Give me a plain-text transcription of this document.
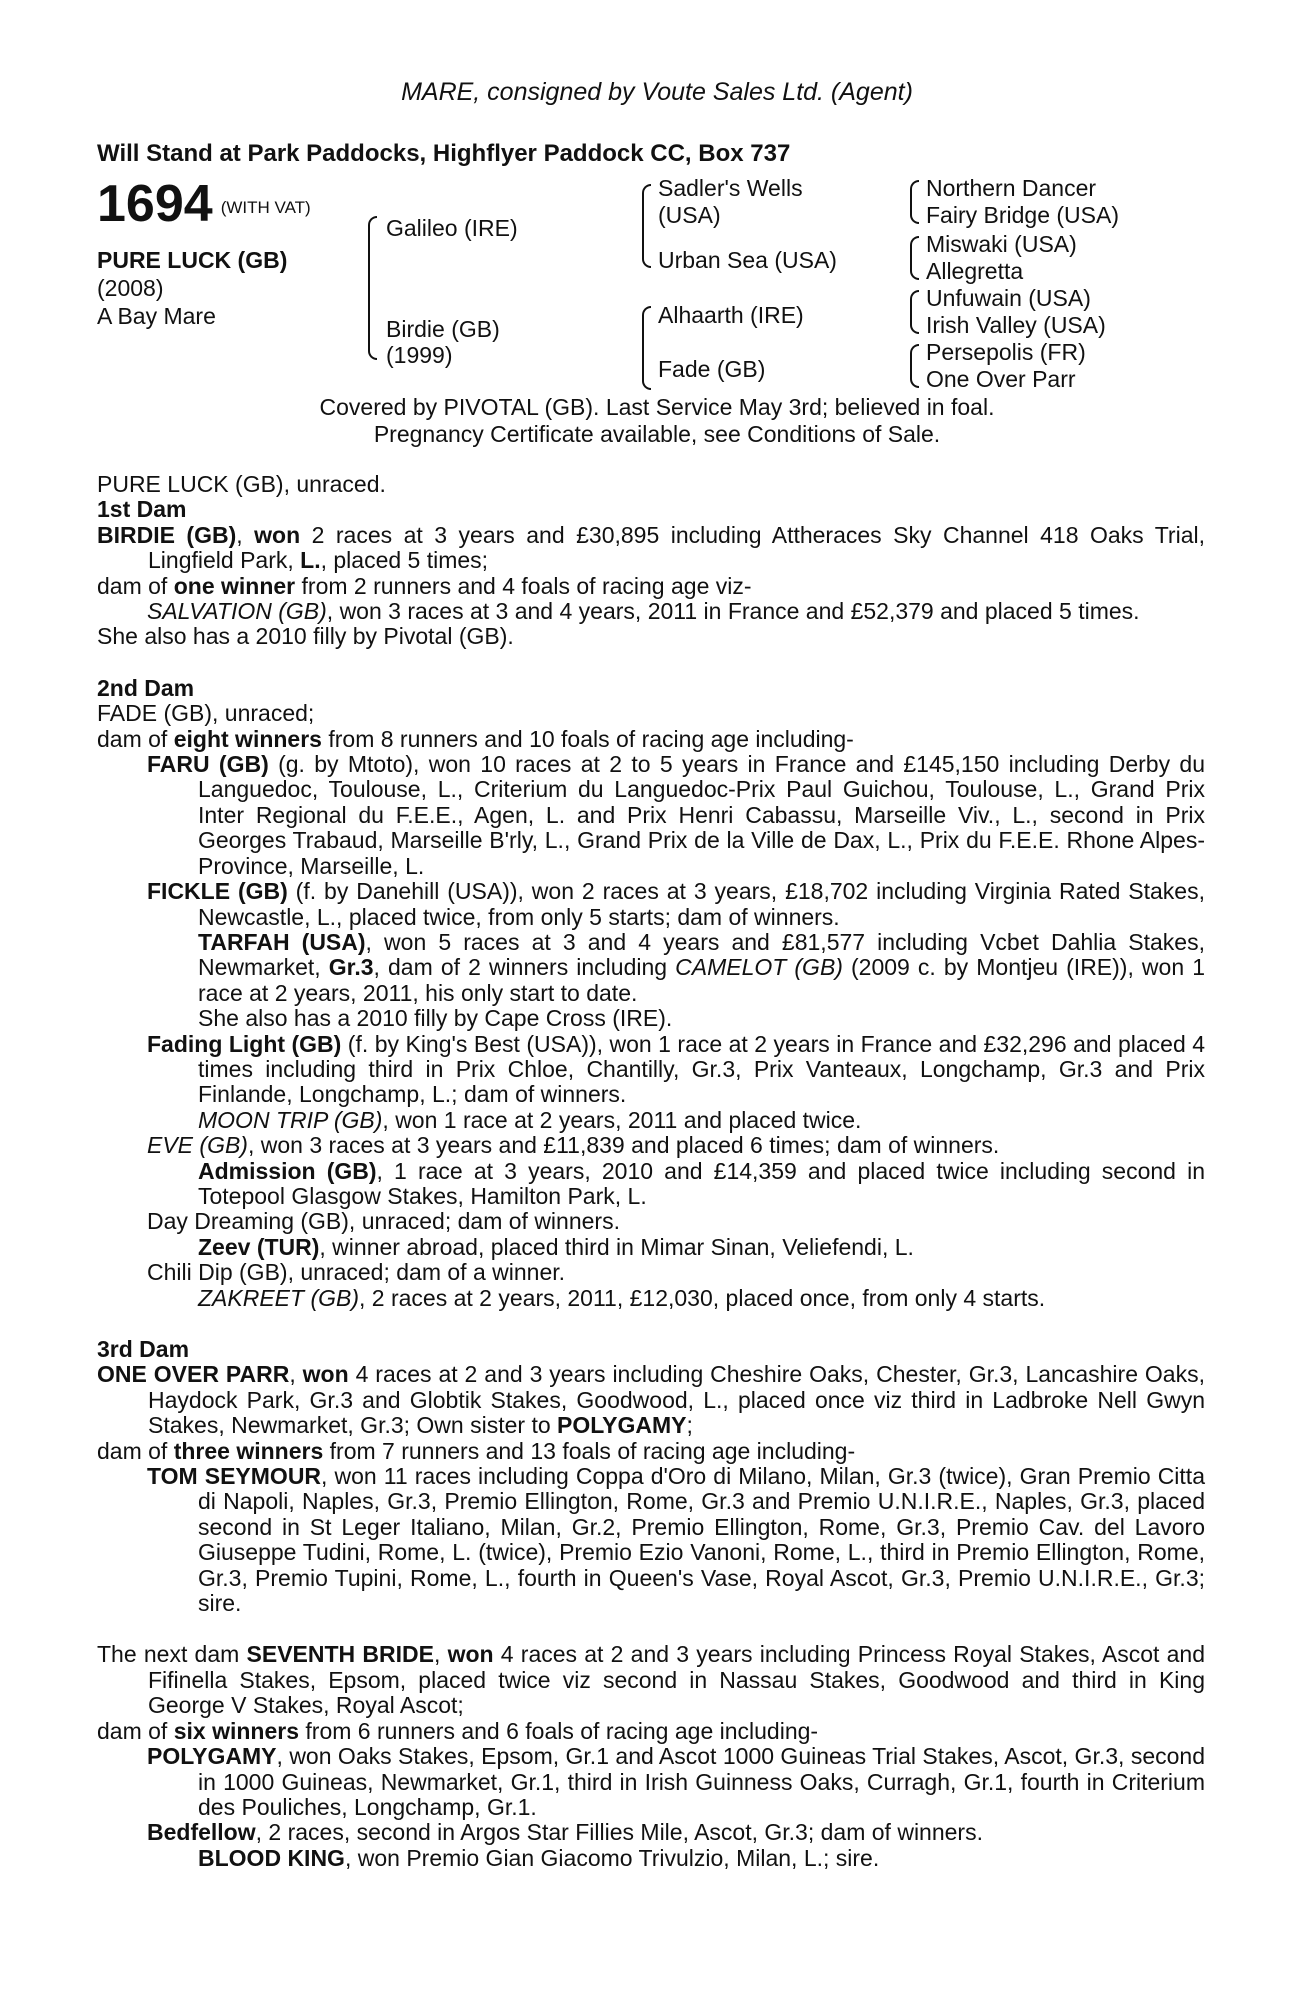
MARE, consigned by Voute Sales Ltd. (Agent)
Will Stand at Park Paddocks, Highflyer Paddock CC, Box 737
1694 (WITH VAT)
PURE LUCK (GB)
(2008)
A Bay Mare
Galileo (IRE)
Birdie (GB)
(1999)
Sadler's Wells
(USA)
Urban Sea (USA)
Alhaarth (IRE)
Fade (GB)
Northern Dancer
Fairy Bridge (USA)
Miswaki (USA)
Allegretta
Unfuwain (USA)
Irish Valley (USA)
Persepolis (FR)
One Over Parr
Covered by PIVOTAL (GB). Last Service May 3rd; believed in foal.
Pregnancy Certificate available, see Conditions of Sale.

PURE LUCK (GB), unraced.

1st Dam

BIRDIE (GB), won 2 races at 3 years and £30,895 including Attheraces Sky Channel 418 Oaks Trial, Lingfield Park, L., placed 5 times;

dam of one winner from 2 runners and 4 foals of racing age viz-

SALVATION (GB), won 3 races at 3 and 4 years, 2011 in France and £52,379 and placed 5 times.

She also has a 2010 filly by Pivotal (GB).

2nd Dam

FADE (GB), unraced;

dam of eight winners from 8 runners and 10 foals of racing age including-

FARU (GB) (g. by Mtoto), won 10 races at 2 to 5 years in France and £145,150 including Derby du Languedoc, Toulouse, L., Criterium du Languedoc-Prix Paul Guichou, Toulouse, L., Grand Prix Inter Regional du F.E.E., Agen, L. and Prix Henri Cabassu, Marseille Viv., L., second in Prix Georges Trabaud, Marseille B'rly, L., Grand Prix de la Ville de Dax, L., Prix du F.E.E. Rhone Alpes-Province, Marseille, L.

FICKLE (GB) (f. by Danehill (USA)), won 2 races at 3 years, £18,702 including Virginia Rated Stakes, Newcastle, L., placed twice, from only 5 starts; dam of winners.

TARFAH (USA), won 5 races at 3 and 4 years and £81,577 including Vcbet Dahlia Stakes, Newmarket, Gr.3, dam of 2 winners including CAMELOT (GB) (2009 c. by Montjeu (IRE)), won 1 race at 2 years, 2011, his only start to date.

She also has a 2010 filly by Cape Cross (IRE).

Fading Light (GB) (f. by King's Best (USA)), won 1 race at 2 years in France and £32,296 and placed 4 times including third in Prix Chloe, Chantilly, Gr.3, Prix Vanteaux, Longchamp, Gr.3 and Prix Finlande, Longchamp, L.; dam of winners.

MOON TRIP (GB), won 1 race at 2 years, 2011 and placed twice.

EVE (GB), won 3 races at 3 years and £11,839 and placed 6 times; dam of winners.

Admission (GB), 1 race at 3 years, 2010 and £14,359 and placed twice including second in Totepool Glasgow Stakes, Hamilton Park, L.

Day Dreaming (GB), unraced; dam of winners.

Zeev (TUR), winner abroad, placed third in Mimar Sinan, Veliefendi, L.

Chili Dip (GB), unraced; dam of a winner.

ZAKREET (GB), 2 races at 2 years, 2011, £12,030, placed once, from only 4 starts.

3rd Dam

ONE OVER PARR, won 4 races at 2 and 3 years including Cheshire Oaks, Chester, Gr.3, Lancashire Oaks, Haydock Park, Gr.3 and Globtik Stakes, Goodwood, L., placed once viz third in Ladbroke Nell Gwyn Stakes, Newmarket, Gr.3; Own sister to POLYGAMY;

dam of three winners from 7 runners and 13 foals of racing age including-

TOM SEYMOUR, won 11 races including Coppa d'Oro di Milano, Milan, Gr.3 (twice), Gran Premio Citta di Napoli, Naples, Gr.3, Premio Ellington, Rome, Gr.3 and Premio U.N.I.R.E., Naples, Gr.3, placed second in St Leger Italiano, Milan, Gr.2, Premio Ellington, Rome, Gr.3, Premio Cav. del Lavoro Giuseppe Tudini, Rome, L. (twice), Premio Ezio Vanoni, Rome, L., third in Premio Ellington, Rome, Gr.3, Premio Tupini, Rome, L., fourth in Queen's Vase, Royal Ascot, Gr.3, Premio U.N.I.R.E., Gr.3; sire.

The next dam SEVENTH BRIDE, won 4 races at 2 and 3 years including Princess Royal Stakes, Ascot and Fifinella Stakes, Epsom, placed twice viz second in Nassau Stakes, Goodwood and third in King George V Stakes, Royal Ascot;

dam of six winners from 6 runners and 6 foals of racing age including-

POLYGAMY, won Oaks Stakes, Epsom, Gr.1 and Ascot 1000 Guineas Trial Stakes, Ascot, Gr.3, second in 1000 Guineas, Newmarket, Gr.1, third in Irish Guinness Oaks, Curragh, Gr.1, fourth in Criterium des Pouliches, Longchamp, Gr.1.

Bedfellow, 2 races, second in Argos Star Fillies Mile, Ascot, Gr.3; dam of winners.

BLOOD KING, won Premio Gian Giacomo Trivulzio, Milan, L.; sire.
